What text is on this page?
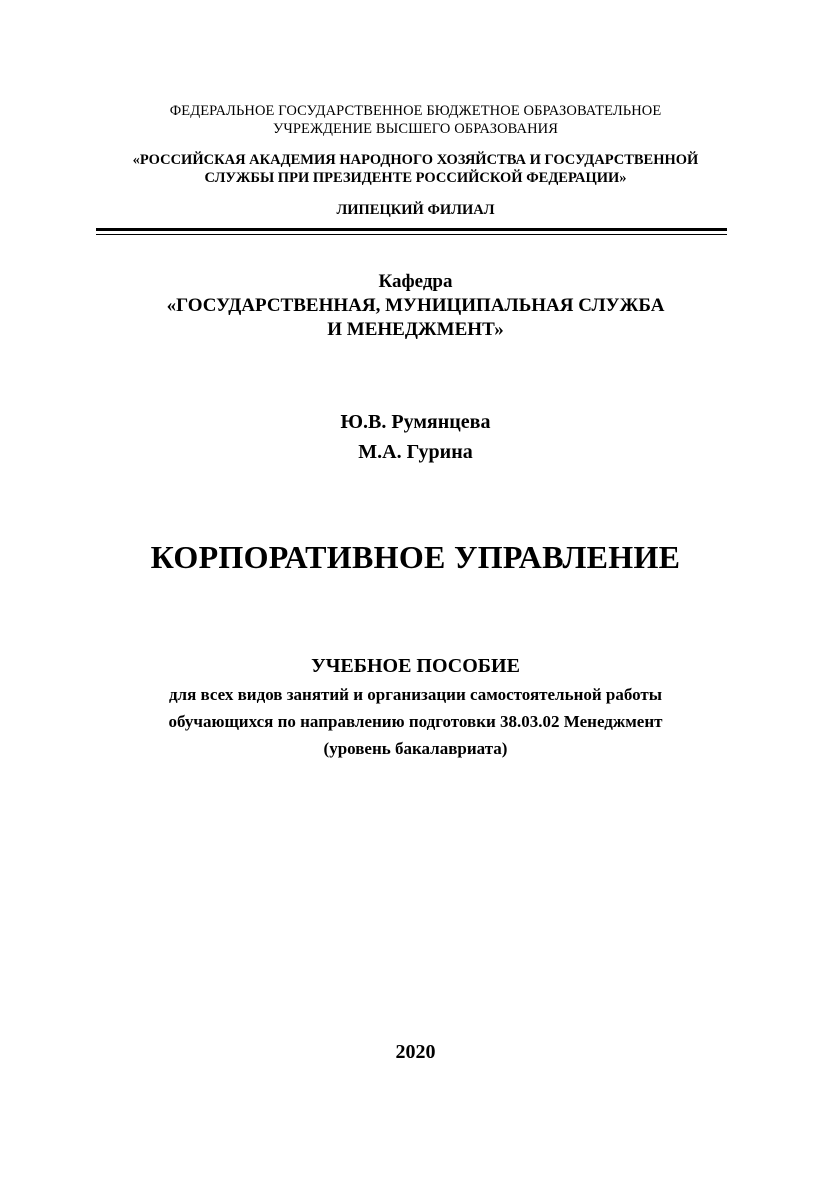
ФЕДЕРАЛЬНОЕ ГОСУДАРСТВЕННОЕ БЮДЖЕТНОЕ ОБРАЗОВАТЕЛЬНОЕ
УЧРЕЖДЕНИЕ ВЫСШЕГО ОБРАЗОВАНИЯ
«РОССИЙСКАЯ АКАДЕМИЯ НАРОДНОГО ХОЗЯЙСТВА И ГОСУДАРСТВЕННОЙ
СЛУЖБЫ ПРИ ПРЕЗИДЕНТЕ РОССИЙСКОЙ ФЕДЕРАЦИИ»
ЛИПЕЦКИЙ ФИЛИАЛ
Кафедра
«ГОСУДАРСТВЕННАЯ, МУНИЦИПАЛЬНАЯ СЛУЖБА
И МЕНЕДЖМЕНТ»
Ю.В. Румянцева
М.А. Гурина
КОРПОРАТИВНОЕ УПРАВЛЕНИЕ
УЧЕБНОЕ ПОСОБИЕ
для всех видов занятий и организации самостоятельной работы
обучающихся по направлению подготовки 38.03.02 Менеджмент
(уровень бакалавриата)
2020
